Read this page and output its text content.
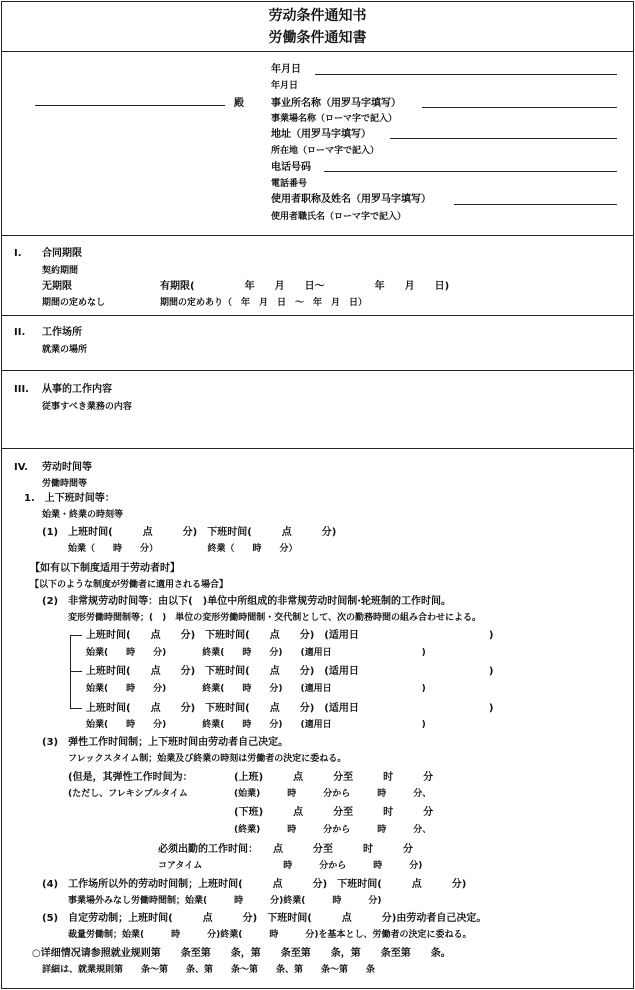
劳动条件通知书
労働条件通知書
殿
年月日
年月日
事业所名称（用罗马字填写）
事業場名称（ローマ字で記入）
地址（用罗马字填写）
所在地（ローマ字で記入）
电话号码
電話番号
使用者职称及姓名（用罗马字填写）
使用者職氏名（ローマ字で記入）
I. 合同期限
契約期間
无期限	有期限(　　　　　年　　月　　日～　　　　　年　　月　　日)
期間の定めなし	期間の定めあり（　年　月　日　～　年　月　日）
II. 工作场所
就業の場所
III. 从事的工作内容
従事すべき業務の内容
IV. 劳动时间等
労働時間等
1.　上下班时间等：
始業・終業の時刻等
(1)　上班时间(　　　点　　　分)　下班时间(　　　点　　　分)
始業（　　時　　分）　　　　　　終業（　　時　　分）
【如有以下制度适用于劳动者时】
【以下のような制度が労働者に適用される場合】
(2)　非常规劳动时间等：由以下(　)单位中所组成的非常规劳动时间制·轮班制的工作时间。
変形労働時間制等；(　)　単位の変形労働時間制・交代制として、次の勤務時間の組み合わせによる。
上班时间(　　点　　分)　下班时间(　　点　　分)　(适用日　　　　　　　　　　　　　)
始業(　　時　　分)　　　　終業(　　時　　分)　　(適用日　　　　　　　　　　)
上班时间(　　点　　分)　下班时间(　　点　　分)　(适用日　　　　　　　　　　　　　)
始業(　　時　　分)　　　　終業(　　時　　分)　　(適用日　　　　　　　　　　)
上班时间(　　点　　分)　下班时间(　　点　　分)　(适用日　　　　　　　　　　　　　)
始業(　　時　　分)　　　　終業(　　時　　分)　　(適用日　　　　　　　　　　)
(3)　弹性工作时间制；上下班时间由劳动者自己决定。
フレックスタイム制；始業及び終業の時刻は労働者の決定に委ねる。
(但是，其弹性工作时间为：
(ただし、フレキシブルタイム
(上班)　　　点　　　分至　　　时　　　分
(始業)　　　時　　　分から　　　時　　　分、
(下班)　　　点　　　分至　　　时　　　分
(終業)　　　時　　　分から　　　時　　　分、
必须出勤的工作时间：　　点　　　分至　　　时　　　分
コアタイム　　　　　　　　　時　　　分から　　　時　　　分)
(4)　工作场所以外的劳动时间制；上班时间(　　　点　　　分)　下班时间(　　　点　　　分)
事業場外みなし労働時間制；始業(　　　時　　　分)終業(　　　時　　　分)
(5)　自定劳动制；上班时间(　　　点　　　分)　下班时间(　　　点　　　分)由劳动者自己决定。
裁量労働制；始業(　　　時　　　分)終業(　　　時　　　分)を基本とし、労働者の決定に委ねる。
○详细情况请参照就业规则第　　条至第　　条，第　　条至第　　条，第　　条至第　　条。
詳細は、就業規則第　　条～第　　条、第　　条～第　　条、第　　条～第　　条
